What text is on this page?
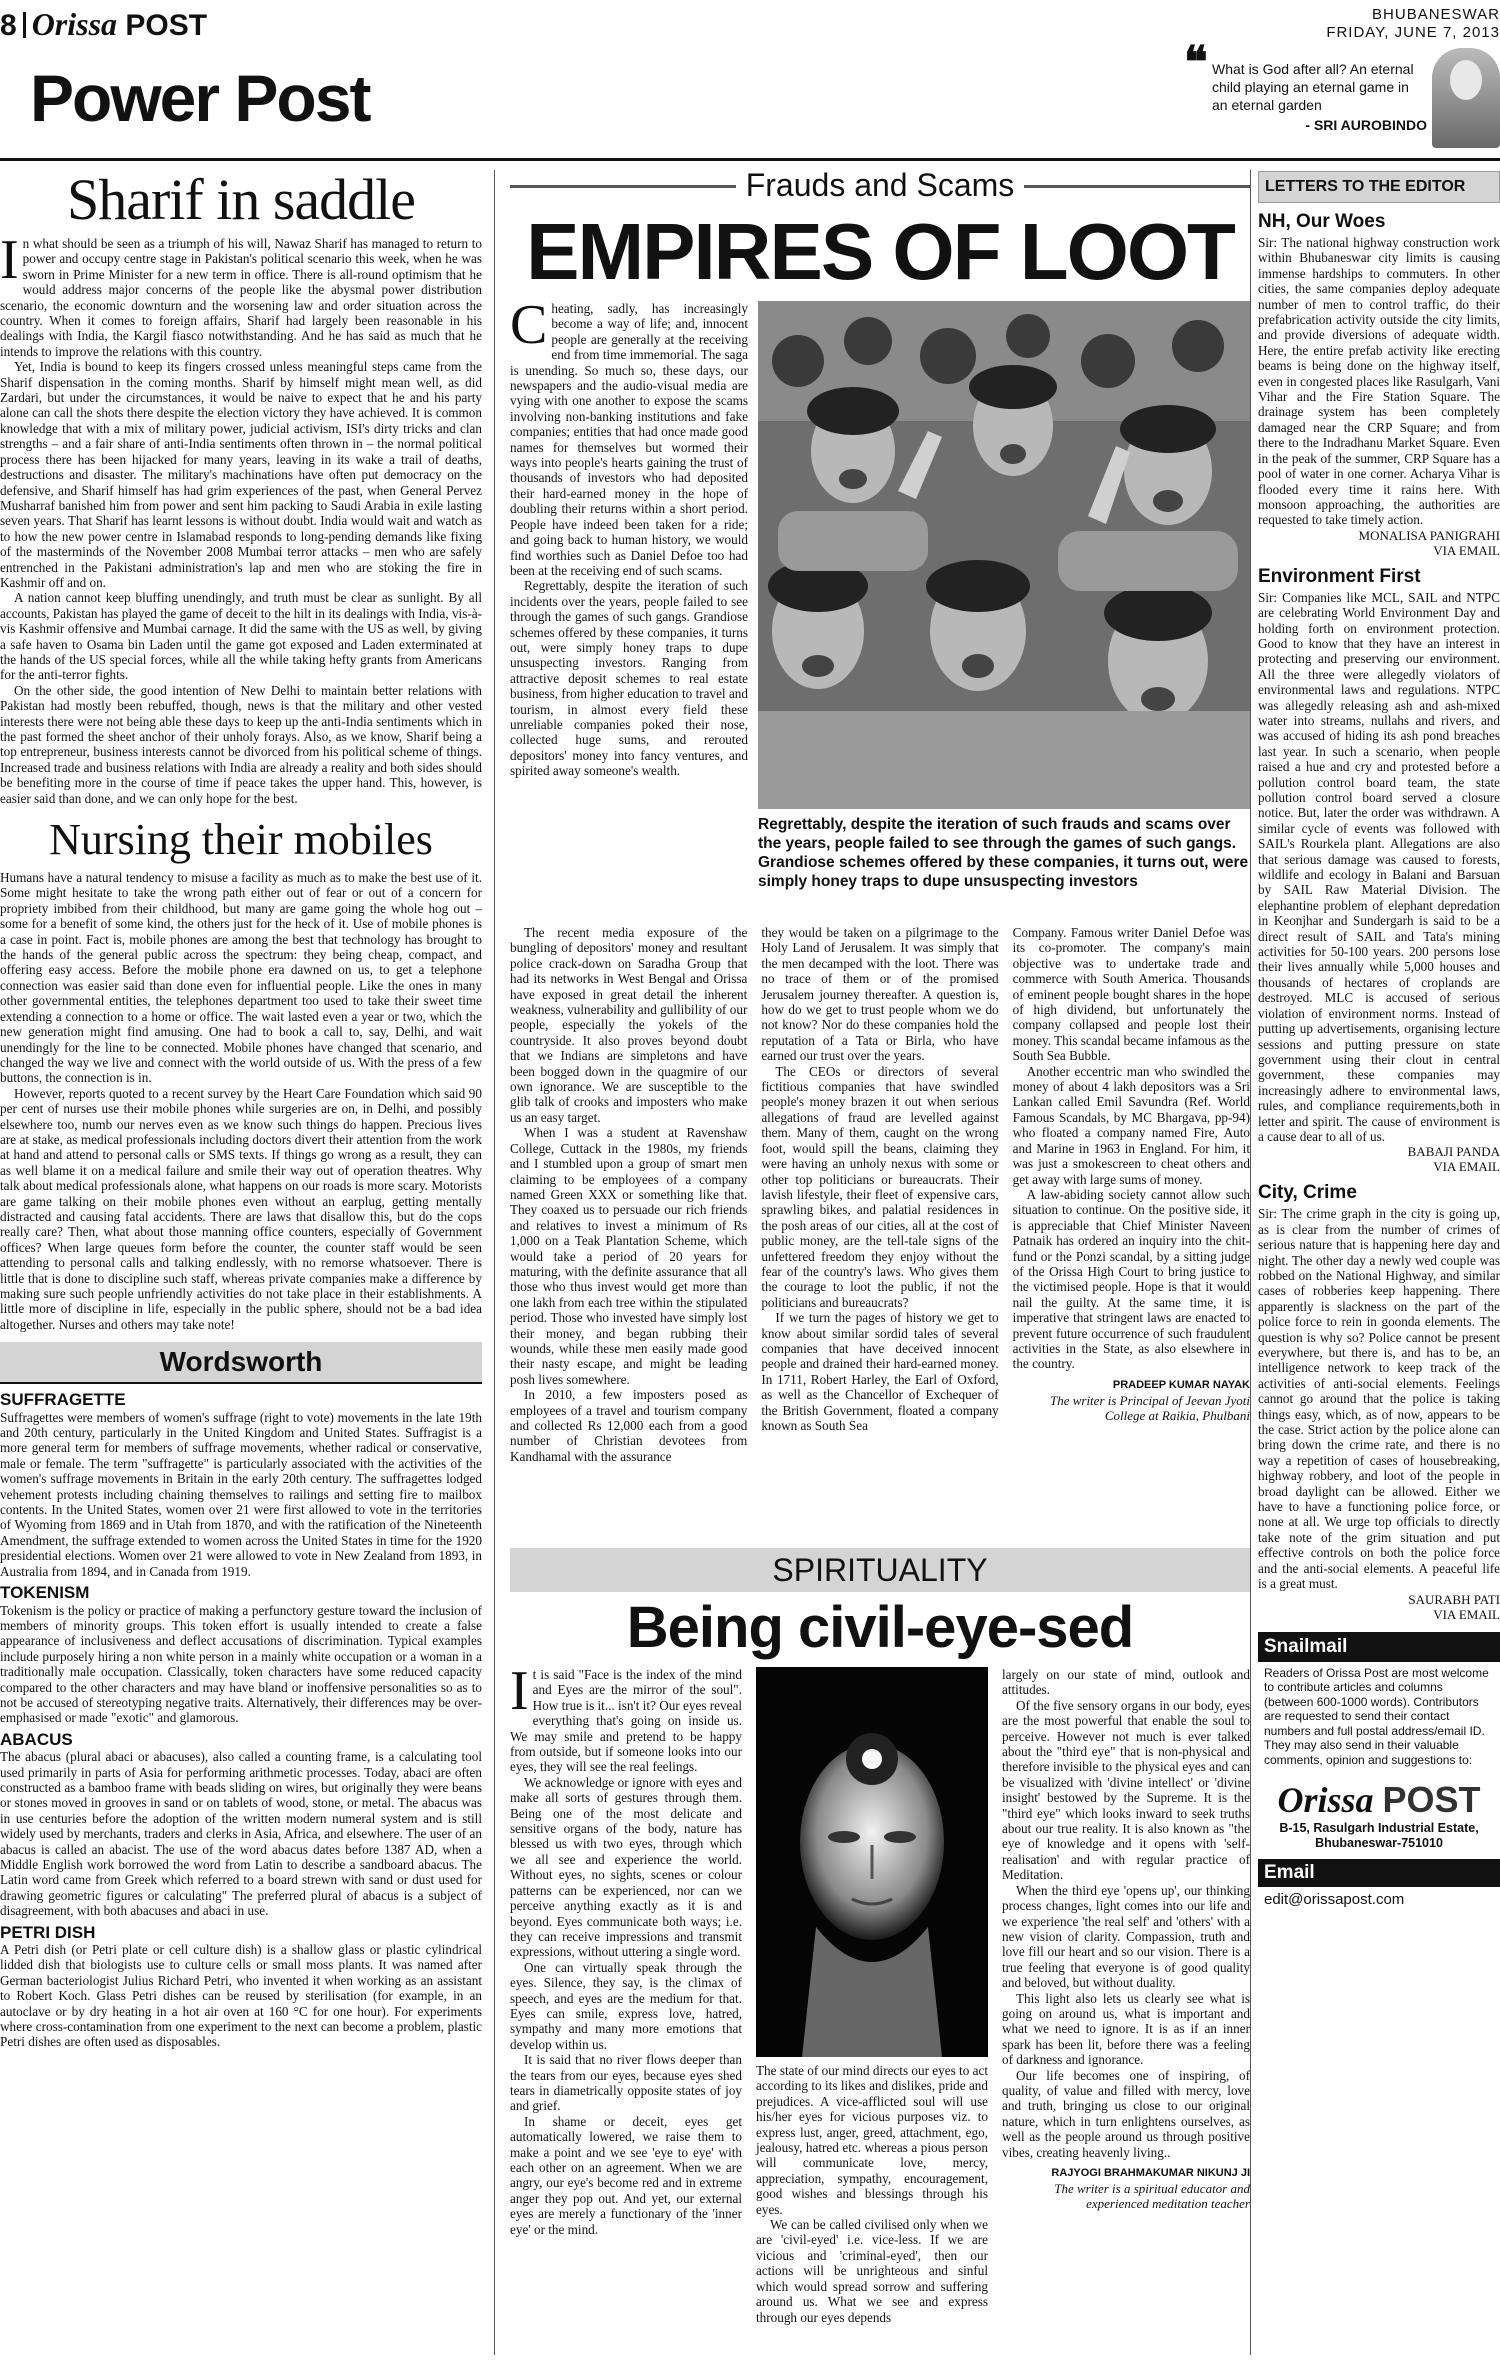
8 Orissa POST	BHUBANESWAR
FRIDAY, JUNE 7, 2013
Power Post	❝ What is God after all? An eternal child playing an eternal game in an eternal garden
- SRI AUROBINDO
Sharif in saddle

In what should be seen as a triumph of his will, Nawaz Sharif has managed to return to power and occupy centre stage in Pakistan's political scenario this week, when he was sworn in Prime Minister for a new term in office. There is all-round optimism that he would address major concerns of the people like the abysmal power distribution scenario, the economic downturn and the worsening law and order situation across the country. When it comes to foreign affairs, Sharif had largely been reasonable in his dealings with India, the Kargil fiasco notwithstanding. And he has said as much that he intends to improve the relations with this country.

Yet, India is bound to keep its fingers crossed unless meaningful steps came from the Sharif dispensation in the coming months. Sharif by himself might mean well, as did Zardari, but under the circumstances, it would be naive to expect that he and his party alone can call the shots there despite the election victory they have achieved. It is common knowledge that with a mix of military power, judicial activism, ISI's dirty tricks and clan strengths – and a fair share of anti-India sentiments often thrown in – the normal political process there has been hijacked for many years, leaving in its wake a trail of deaths, destructions and disaster. The military's machinations have often put democracy on the defensive, and Sharif himself has had grim experiences of the past, when General Pervez Musharraf banished him from power and sent him packing to Saudi Arabia in exile lasting seven years. That Sharif has learnt lessons is without doubt. India would wait and watch as to how the new power centre in Islamabad responds to long-pending demands like fixing of the masterminds of the November 2008 Mumbai terror attacks – men who are safely entrenched in the Pakistani administration's lap and men who are stoking the fire in Kashmir off and on.

A nation cannot keep bluffing unendingly, and truth must be clear as sunlight. By all accounts, Pakistan has played the game of deceit to the hilt in its dealings with India, vis-à-vis Kashmir offensive and Mumbai carnage. It did the same with the US as well, by giving a safe haven to Osama bin Laden until the game got exposed and Laden exterminated at the hands of the US special forces, while all the while taking hefty grants from Americans for the anti-terror fights.

On the other side, the good intention of New Delhi to maintain better relations with Pakistan had mostly been rebuffed, though, news is that the military and other vested interests there were not being able these days to keep up the anti-India sentiments which in the past formed the sheet anchor of their unholy forays. Also, as we know, Sharif being a top entrepreneur, business interests cannot be divorced from his political scheme of things. Increased trade and business relations with India are already a reality and both sides should be benefiting more in the course of time if peace takes the upper hand. This, however, is easier said than done, and we can only hope for the best.

Nursing their mobiles

Humans have a natural tendency to misuse a facility as much as to make the best use of it. Some might hesitate to take the wrong path either out of fear or out of a concern for propriety imbibed from their childhood, but many are game going the whole hog out – some for a benefit of some kind, the others just for the heck of it. Use of mobile phones is a case in point. Fact is, mobile phones are among the best that technology has brought to the hands of the general public across the spectrum: they being cheap, compact, and offering easy access. Before the mobile phone era dawned on us, to get a telephone connection was easier said than done even for influential people. Like the ones in many other governmental entities, the telephones department too used to take their sweet time extending a connection to a home or office. The wait lasted even a year or two, which the new generation might find amusing. One had to book a call to, say, Delhi, and wait unendingly for the line to be connected. Mobile phones have changed that scenario, and changed the way we live and connect with the world outside of us. With the press of a few buttons, the connection is in.

However, reports quoted to a recent survey by the Heart Care Foundation which said 90 per cent of nurses use their mobile phones while surgeries are on, in Delhi, and possibly elsewhere too, numb our nerves even as we know such things do happen. Precious lives are at stake, as medical professionals including doctors divert their attention from the work at hand and attend to personal calls or SMS texts. If things go wrong as a result, they can as well blame it on a medical failure and smile their way out of operation theatres. Why talk about medical professionals alone, what happens on our roads is more scary. Motorists are game talking on their mobile phones even without an earplug, getting mentally distracted and causing fatal accidents. There are laws that disallow this, but do the cops really care? Then, what about those manning office counters, especially of Government offices? When large queues form before the counter, the counter staff would be seen attending to personal calls and talking endlessly, with no remorse whatsoever. There is little that is done to discipline such staff, whereas private companies make a difference by making sure such people unfriendly activities do not take place in their establishments. A little more of discipline in life, especially in the public sphere, should not be a bad idea altogether. Nurses and others may take note!

Wordsworth
SUFFRAGETTE

Suffragettes were members of women's suffrage (right to vote) movements in the late 19th and 20th century, particularly in the United Kingdom and United States. Suffragist is a more general term for members of suffrage movements, whether radical or conservative, male or female. The term "suffragette" is particularly associated with the activities of the women's suffrage movements in Britain in the early 20th century. The suffragettes lodged vehement protests including chaining themselves to railings and setting fire to mailbox contents. In the United States, women over 21 were first allowed to vote in the territories of Wyoming from 1869 and in Utah from 1870, and with the ratification of the Nineteenth Amendment, the suffrage extended to women across the United States in time for the 1920 presidential elections. Women over 21 were allowed to vote in New Zealand from 1893, in Australia from 1894, and in Canada from 1919.

TOKENISM

Tokenism is the policy or practice of making a perfunctory gesture toward the inclusion of members of minority groups. This token effort is usually intended to create a false appearance of inclusiveness and deflect accusations of discrimination. Typical examples include purposely hiring a non white person in a mainly white occupation or a woman in a traditionally male occupation. Classically, token characters have some reduced capacity compared to the other characters and may have bland or inoffensive personalities so as to not be accused of stereotyping negative traits. Alternatively, their differences may be over-emphasised or made "exotic" and glamorous.

ABACUS

The abacus (plural abaci or abacuses), also called a counting frame, is a calculating tool used primarily in parts of Asia for performing arithmetic processes. Today, abaci are often constructed as a bamboo frame with beads sliding on wires, but originally they were beans or stones moved in grooves in sand or on tablets of wood, stone, or metal. The abacus was in use centuries before the adoption of the written modern numeral system and is still widely used by merchants, traders and clerks in Asia, Africa, and elsewhere. The user of an abacus is called an abacist. The use of the word abacus dates before 1387 AD, when a Middle English work borrowed the word from Latin to describe a sandboard abacus. The Latin word came from Greek which referred to a board strewn with sand or dust used for drawing geometric figures or calculating" The preferred plural of abacus is a subject of disagreement, with both abacuses and abaci in use.

PETRI DISH

A Petri dish (or Petri plate or cell culture dish) is a shallow glass or plastic cylindrical lidded dish that biologists use to culture cells or small moss plants. It was named after German bacteriologist Julius Richard Petri, who invented it when working as an assistant to Robert Koch. Glass Petri dishes can be reused by sterilisation (for example, in an autoclave or by dry heating in a hot air oven at 160 °C for one hour). For experiments where cross-contamination from one experiment to the next can become a problem, plastic Petri dishes are often used as disposables.

Frauds and Scams
EMPIRES OF LOOT

Cheating, sadly, has increasingly become a way of life; and, innocent people are generally at the receiving end from time immemorial. The saga is unending. So much so, these days, our newspapers and the audio-visual media are vying with one another to expose the scams involving non-banking institutions and fake companies; entities that had once made good names for themselves but wormed their ways into people's hearts gaining the trust of thousands of investors who had deposited their hard-earned money in the hope of doubling their returns within a short period. People have indeed been taken for a ride; and going back to human history, we would find worthies such as Daniel Defoe too had been at the receiving end of such scams.

Regrettably, despite the iteration of such incidents over the years, people failed to see through the games of such gangs. Grandiose schemes offered by these companies, it turns out, were simply honey traps to dupe unsuspecting investors. Ranging from attractive deposit schemes to real estate business, from higher education to travel and tourism, in almost every field these unreliable companies poked their nose, collected huge sums, and rerouted depositors' money into fancy ventures, and spirited away someone's wealth.

Regrettably, despite the iteration of such frauds and scams over the years, people failed to see through the games of such gangs. Grandiose schemes offered by these companies, it turns out, were simply honey traps to dupe unsuspecting investors

The recent media exposure of the bungling of depositors' money and resultant police crack-down on Saradha Group that had its networks in West Bengal and Orissa have exposed in great detail the inherent weakness, vulnerability and gullibility of our people, especially the yokels of the countryside. It also proves beyond doubt that we Indians are simpletons and have been bogged down in the quagmire of our own ignorance. We are susceptible to the glib talk of crooks and imposters who make us an easy target.

When I was a student at Ravenshaw College, Cuttack in the 1980s, my friends and I stumbled upon a group of smart men claiming to be employees of a company named Green XXX or something like that. They coaxed us to persuade our rich friends and relatives to invest a minimum of Rs 1,000 on a Teak Plantation Scheme, which would take a period of 20 years for maturing, with the definite assurance that all those who thus invest would get more than one lakh from each tree within the stipulated period. Those who invested have simply lost their money, and began rubbing their wounds, while these men easily made good their nasty escape, and might be leading posh lives somewhere.

In 2010, a few imposters posed as employees of a travel and tourism company and collected Rs 12,000 each from a good number of Christian devotees from Kandhamal with the assurance

they would be taken on a pilgrimage to the Holy Land of Jerusalem. It was simply that the men decamped with the loot. There was no trace of them or of the promised Jerusalem journey thereafter. A question is, how do we get to trust people whom we do not know? Nor do these companies hold the reputation of a Tata or Birla, who have earned our trust over the years.

The CEOs or directors of several fictitious companies that have swindled people's money brazen it out when serious allegations of fraud are levelled against them. Many of them, caught on the wrong foot, would spill the beans, claiming they were having an unholy nexus with some or other top politicians or bureaucrats. Their lavish lifestyle, their fleet of expensive cars, sprawling bikes, and palatial residences in the posh areas of our cities, all at the cost of public money, are the tell-tale signs of the unfettered freedom they enjoy without the fear of the country's laws. Who gives them the courage to loot the public, if not the politicians and bureaucrats?

If we turn the pages of history we get to know about similar sordid tales of several companies that have deceived innocent people and drained their hard-earned money. In 1711, Robert Harley, the Earl of Oxford, as well as the Chancellor of Exchequer of the British Government, floated a company known as South Sea

Company. Famous writer Daniel Defoe was its co-promoter. The company's main objective was to undertake trade and commerce with South America. Thousands of eminent people bought shares in the hope of high dividend, but unfortunately the company collapsed and people lost their money. This scandal became infamous as the South Sea Bubble.

Another eccentric man who swindled the money of about 4 lakh depositors was a Sri Lankan called Emil Savundra (Ref. World Famous Scandals, by MC Bhargava, pp-94) who floated a company named Fire, Auto and Marine in 1963 in England. For him, it was just a smokescreen to cheat others and get away with large sums of money.

A law-abiding society cannot allow such situation to continue. On the positive side, it is appreciable that Chief Minister Naveen Patnaik has ordered an inquiry into the chit-fund or the Ponzi scandal, by a sitting judge of the Orissa High Court to bring justice to the victimised people. Hope is that it would nail the guilty. At the same time, it is imperative that stringent laws are enacted to prevent future occurrence of such fraudulent activities in the State, as also elsewhere in the country.

PRADEEP KUMAR NAYAK
The writer is Principal of Jeevan Jyoti College at Raikia, Phulbani
SPIRITUALITY
Being civil-eye-sed

It is said "Face is the index of the mind and Eyes are the mirror of the soul". How true is it... isn't it? Our eyes reveal everything that's going on inside us. We may smile and pretend to be happy from outside, but if someone looks into our eyes, they will see the real feelings.

We acknowledge or ignore with eyes and make all sorts of gestures through them. Being one of the most delicate and sensitive organs of the body, nature has blessed us with two eyes, through which we all see and experience the world. Without eyes, no sights, scenes or colour patterns can be experienced, nor can we perceive anything exactly as it is and beyond. Eyes communicate both ways; i.e. they can receive impressions and transmit expressions, without uttering a single word.

One can virtually speak through the eyes. Silence, they say, is the climax of speech, and eyes are the medium for that. Eyes can smile, express love, hatred, sympathy and many more emotions that develop within us.

It is said that no river flows deeper than the tears from our eyes, because eyes shed tears in diametrically opposite states of joy and grief.

In shame or deceit, eyes get automatically lowered, we raise them to make a point and we see 'eye to eye' with each other on an agreement. When we are angry, our eye's become red and in extreme anger they pop out. And yet, our external eyes are merely a functionary of the 'inner eye' or the mind.

The state of our mind directs our eyes to act according to its likes and dislikes, pride and prejudices. A vice-afflicted soul will use his/her eyes for vicious purposes viz. to express lust, anger, greed, attachment, ego, jealousy, hatred etc. whereas a pious person will communicate love, mercy, appreciation, sympathy, encouragement, good wishes and blessings through his eyes.

We can be called civilised only when we are 'civil-eyed' i.e. vice-less. If we are vicious and 'criminal-eyed', then our actions will be unrighteous and sinful which would spread sorrow and suffering around us. What we see and express through our eyes depends

largely on our state of mind, outlook and attitudes.

Of the five sensory organs in our body, eyes are the most powerful that enable the soul to perceive. However not much is ever talked about the "third eye" that is non-physical and therefore invisible to the physical eyes and can be visualized with 'divine intellect' or 'divine insight' bestowed by the Supreme. It is the "third eye" which looks inward to seek truths about our true reality. It is also known as "the eye of knowledge and it opens with 'self-realisation' and with regular practice of Meditation.

When the third eye 'opens up', our thinking process changes, light comes into our life and we experience 'the real self' and 'others' with a new vision of clarity. Compassion, truth and love fill our heart and so our vision. There is a true feeling that everyone is of good quality and beloved, but without duality.

This light also lets us clearly see what is going on around us, what is important and what we need to ignore. It is as if an inner spark has been lit, before there was a feeling of darkness and ignorance.

Our life becomes one of inspiring, of quality, of value and filled with mercy, love and truth, bringing us close to our original nature, which in turn enlightens ourselves, as well as the people around us through positive vibes, creating heavenly living..

RAJYOGI BRAHMAKUMAR NIKUNJ JI
The writer is a spiritual educator and experienced meditation teacher
LETTERS TO THE EDITOR
NH, Our Woes
Sir: The national highway construction work within Bhubaneswar city limits is causing immense hardships to commuters. In other cities, the same companies deploy adequate number of men to control traffic, do their prefabrication activity outside the city limits, and provide diversions of adequate width. Here, the entire prefab activity like erecting beams is being done on the highway itself, even in congested places like Rasulgarh, Vani Vihar and the Fire Station Square. The drainage system has been completely damaged near the CRP Square; and from there to the Indradhanu Market Square. Even in the peak of the summer, CRP Square has a pool of water in one corner. Acharya Vihar is flooded every time it rains here. With monsoon approaching, the authorities are requested to take timely action.
MONALISA PANIGRAHI
VIA EMAIL
Environment First
Sir: Companies like MCL, SAIL and NTPC are celebrating World Environment Day and holding forth on environment protection. Good to know that they have an interest in protecting and preserving our environment. All the three were allegedly violators of environmental laws and regulations. NTPC was allegedly releasing ash and ash-mixed water into streams, nullahs and rivers, and was accused of hiding its ash pond breaches last year. In such a scenario, when people raised a hue and cry and protested before a pollution control board team, the state pollution control board served a closure notice. But, later the order was withdrawn. A similar cycle of events was followed with SAIL's Rourkela plant. Allegations are also that serious damage was caused to forests, wildlife and ecology in Balani and Barsuan by SAIL Raw Material Division. The elephantine problem of elephant depredation in Keonjhar and Sundergarh is said to be a direct result of SAIL and Tata's mining activities for 50-100 years. 200 persons lose their lives annually while 5,000 houses and thousands of hectares of croplands are destroyed. MLC is accused of serious violation of environment norms. Instead of putting up advertisements, organising lecture sessions and putting pressure on state government using their clout in central government, these companies may increasingly adhere to environmental laws, rules, and compliance requirements,both in letter and spirit. The cause of environment is a cause dear to all of us.
BABAJI PANDA
VIA EMAIL
City, Crime
Sir: The crime graph in the city is going up, as is clear from the number of crimes of serious nature that is happening here day and night. The other day a newly wed couple was robbed on the National Highway, and similar cases of robberies keep happening. There apparently is slackness on the part of the police force to rein in goonda elements. The question is why so? Police cannot be present everywhere, but there is, and has to be, an intelligence network to keep track of the activities of anti-social elements. Feelings cannot go around that the police is taking things easy, which, as of now, appears to be the case. Strict action by the police alone can bring down the crime rate, and there is no way a repetition of cases of housebreaking, highway robbery, and loot of the people in broad daylight can be allowed. Either we have to have a functioning police force, or none at all. We urge top officials to directly take note of the grim situation and put effective controls on both the police force and the anti-social elements. A peaceful life is a great must.
SAURABH PATI
VIA EMAIL
Snailmail
Readers of Orissa Post are most welcome to contribute articles and columns (between 600-1000 words). Contributors are requested to send their contact numbers and full postal address/email ID. They may also send in their valuable comments, opinion and suggestions to:
Orissa POST
B-15, Rasulgarh Industrial Estate,
Bhubaneswar-751010
Email
edit@orissapost.com
